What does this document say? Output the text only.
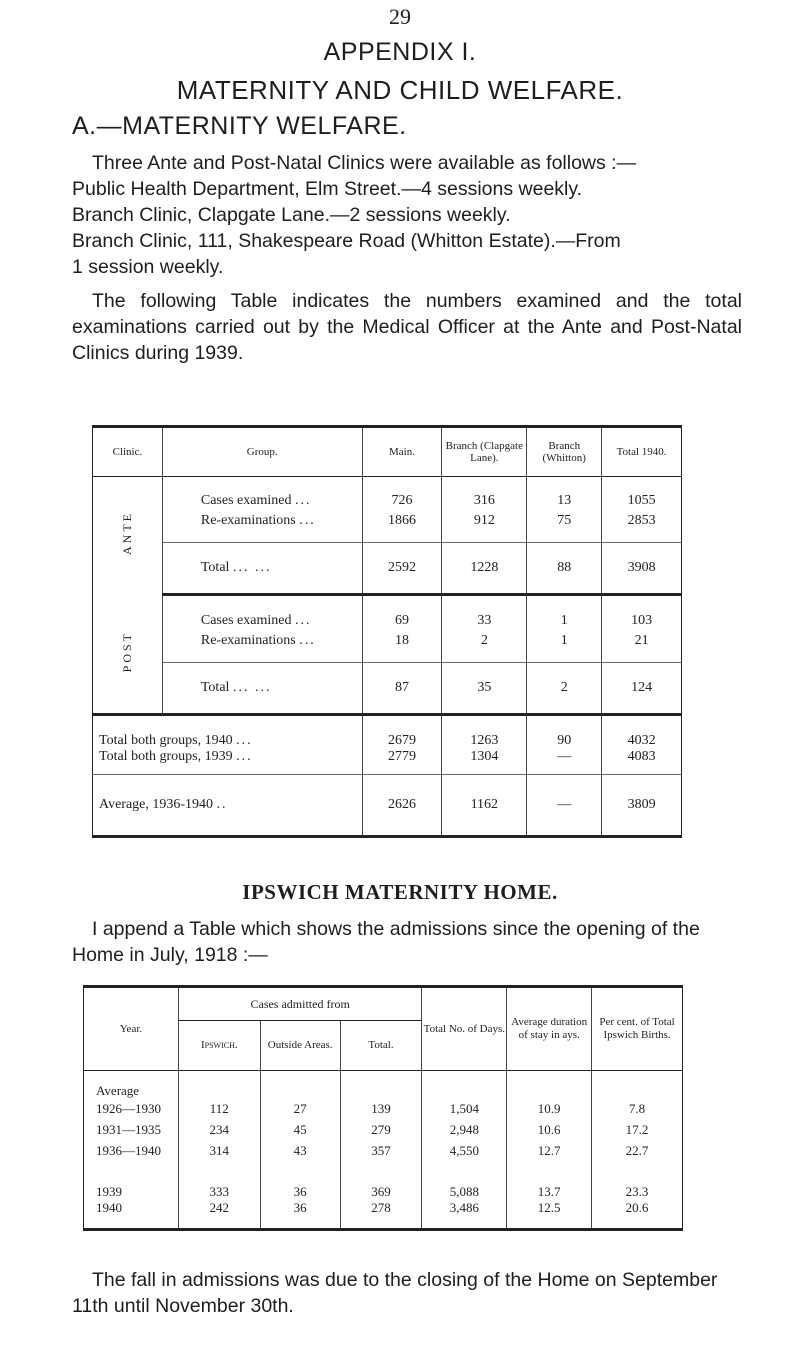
29
APPENDIX I.
MATERNITY AND CHILD WELFARE.
A.—MATERNITY WELFARE.
Three Ante and Post-Natal Clinics were available as follows :—
Public Health Department, Elm Street.—4 sessions weekly.
Branch Clinic, Clapgate Lane.—2 sessions weekly.
Branch Clinic, 111, Shakespeare Road (Whitton Estate).—From
1 session weekly.
The following Table indicates the numbers examined and the total examinations carried out by the Medical Officer at the Ante and Post-Natal Clinics during 1939.
Clinic.	Group.	Main.	Branch (Clapgate Lane).	Branch (Whitton)	Total 1940.
ANTE	Cases examined ...	726	316	13	1055
	Re-examinations ...	1866	912	75	2853

	Total ... ...	2592	1228	88	3908
POST	Cases examined ...	69	33	1	103
	Re-examinations ...	18	2	1	21

	Total ... ...	87	35	2	124
Total both groups, 1940 ...		2679	1263	90	4032
Total both groups, 1939 ...		2779	1304	—	4083
Average, 1936-1940 ..		2626	1162	—	3809
IPSWICH MATERNITY HOME.
I append a Table which shows the admissions since the opening of the Home in July, 1918 :—
Year.	Cases admitted from			Total No. of Days.	Average duration of stay in ays.	Per cent. of Total Ipswich Births.
	Ipswich.	Outside Areas.	Total.			
Average						
1926—1930	112	27	139	1,504	10.9	7.8
1931—1935	234	45	279	2,948	10.6	17.2
1936—1940	314	43	357	4,550	12.7	22.7
1939	333	36	369	5,088	13.7	23.3
1940	242	36	278	3,486	12.5	20.6
The fall in admissions was due to the closing of the Home on September 11th until November 30th.
